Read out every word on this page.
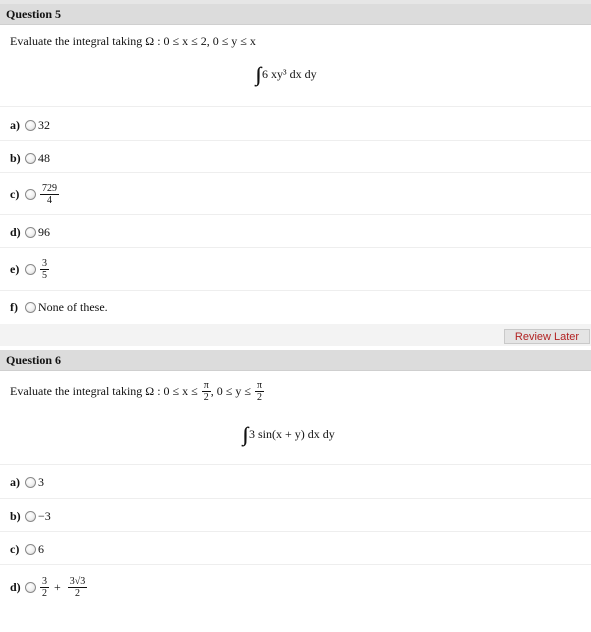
Question 5
Evaluate the integral taking Ω : 0 ≤ x ≤ 2, 0 ≤ y ≤ x
6 xy³ dx dy
a)	32
b)	48
c)	$\frac{729}{4}$
d)	96
e)	$\frac{3}{5}$
f)	None of these.
Review Later
Question 6
Evaluate the integral taking Ω : $0 \le x \le \frac{\pi}{2}$ , $0 \le y \le \frac{\pi}{2}$
3 sin(x + y) dx dy
a)	3
b)	−3
c)	6
d)	$\frac{3}{2} + \frac{3√3}{2}$
